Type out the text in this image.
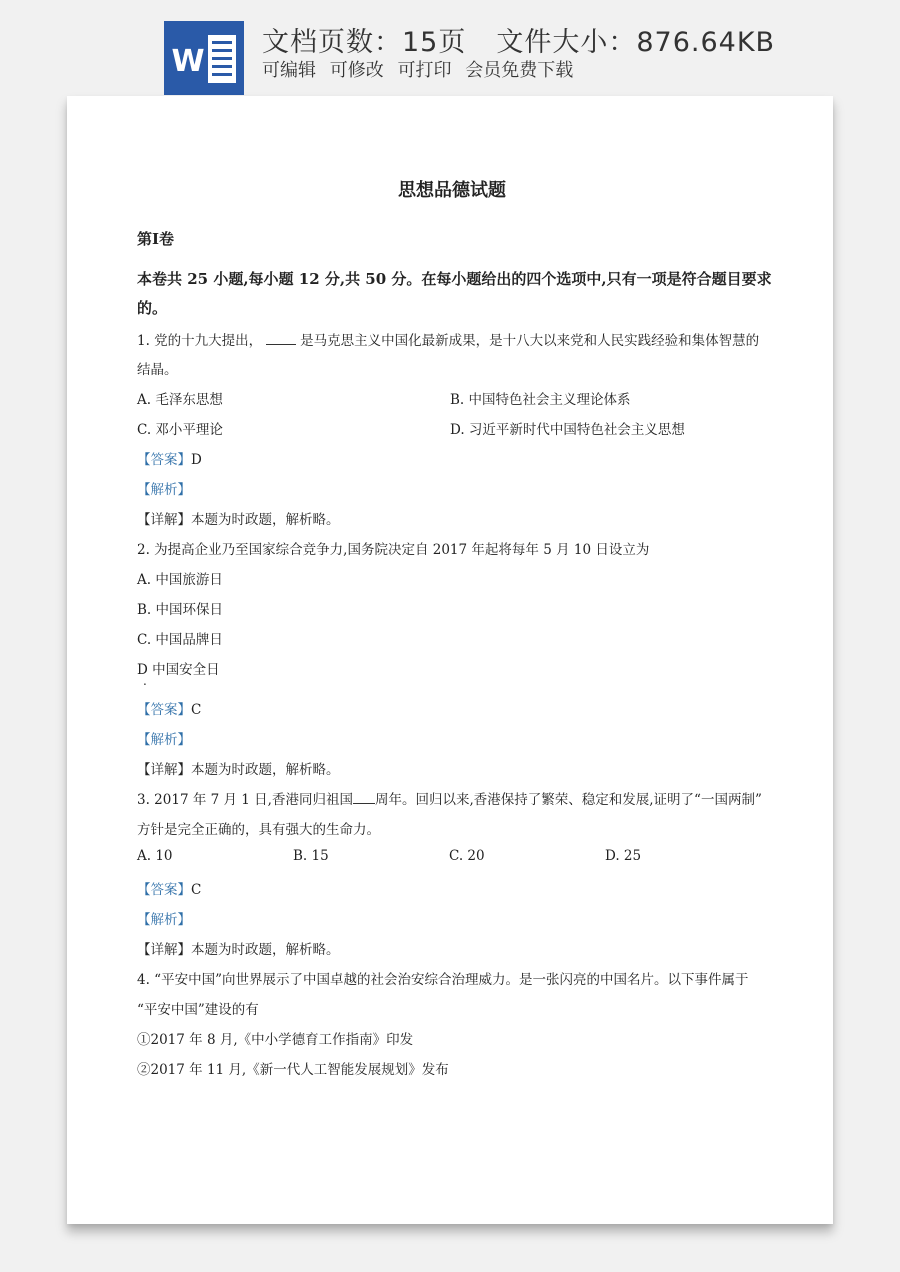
W
文档页数：15页 文件大小：876.64KB
可编辑 可修改 可打印 会员免费下载
思想品德试题
第Ⅰ卷
本卷共 25 小题,每小题 12 分,共 50 分。在每小题给出的四个选项中,只有一项是符合题目要求
的。
1. 党的十九大提出，	是马克思主义中国化最新成果，是十八大以来党和人民实践经验和集体智慧的
结晶。
A. 毛泽东思想	B. 中国特色社会主义理论体系
C. 邓小平理论	D. 习近平新时代中国特色社会主义思想
【答案】D
【解析】
【详解】本题为时政题，解析略。
2. 为提高企业乃至国家综合竞争力,国务院决定自 2017 年起将每年 5 月 10 日设立为
A. 中国旅游日
B. 中国环保日
C. 中国品牌日
D 中国安全日
.
【答案】C
【解析】
【详解】本题为时政题，解析略。
3. 2017 年 7 月 1 日,香港同归祖国 周年。回归以来,香港保持了繁荣、稳定和发展,证明了“一国两制”
方针是完全正确的，具有强大的生命力。
A. 10	B. 15	C. 20	D. 25
【答案】C
【解析】
【详解】本题为时政题，解析略。
4. “平安中国”向世界展示了中国卓越的社会治安综合治理威力。是一张闪亮的中国名片。以下事件属于
“平安中国”建设的有
①2017 年 8 月,《中小学德育工作指南》印发
②2017 年 11 月,《新一代人工智能发展规划》发布
